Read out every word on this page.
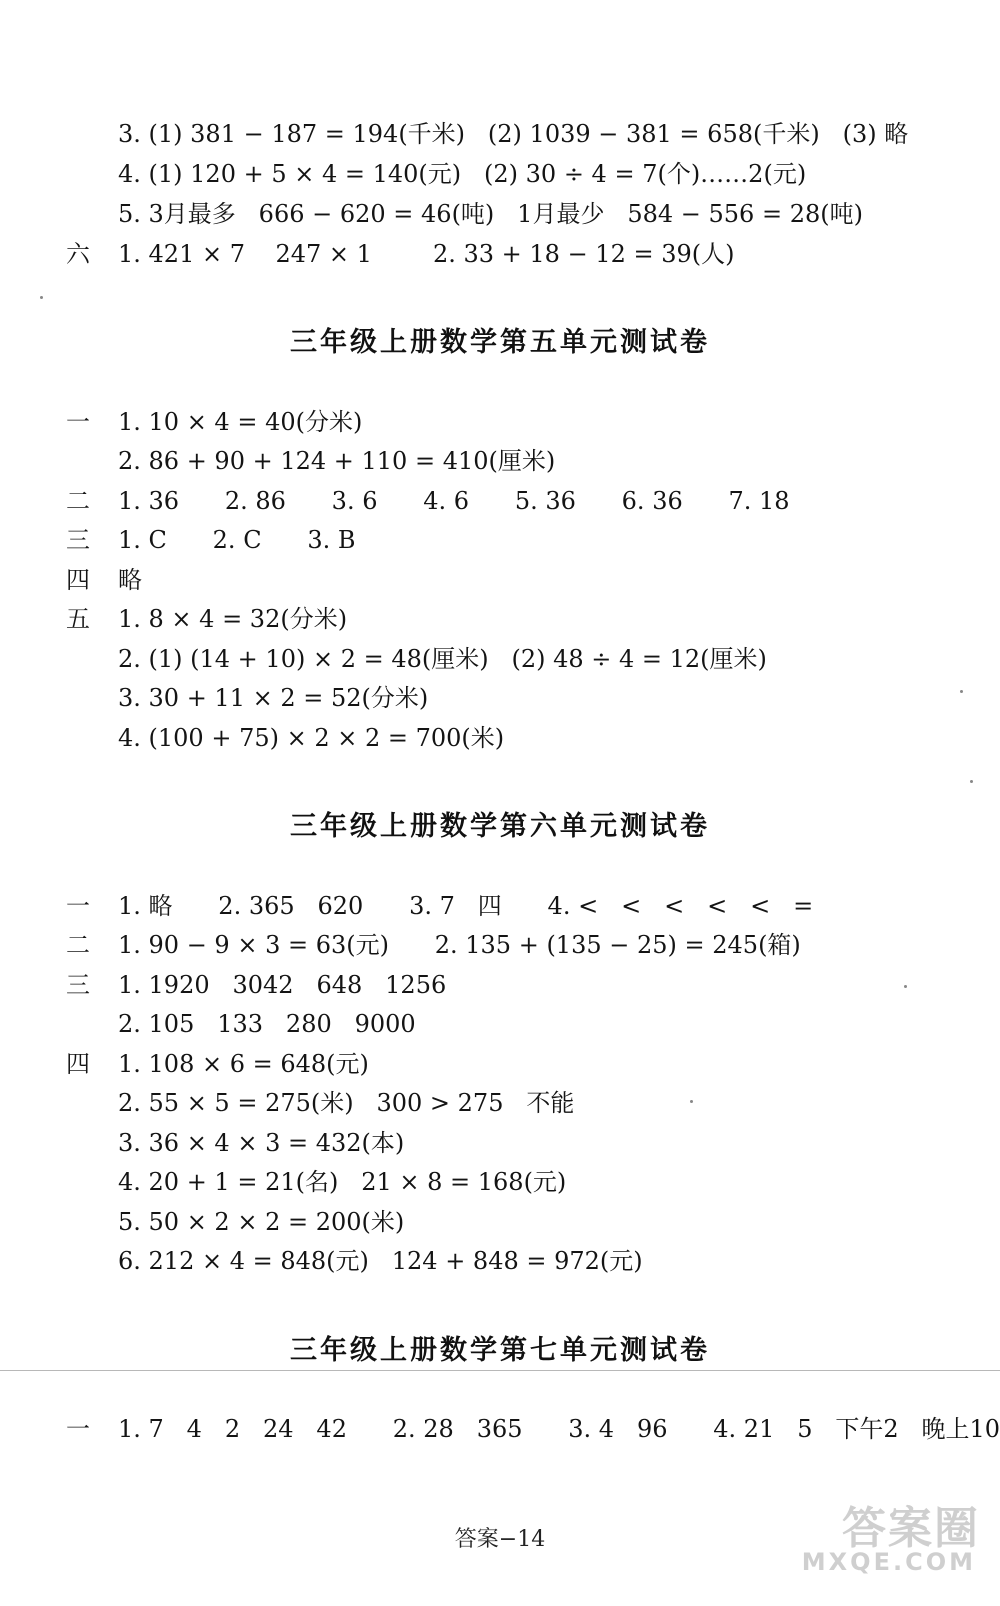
3. (1) 381 − 187 = 194(千米)   (2) 1039 − 381 = 658(千米)   (3) 略
4. (1) 120 + 5 × 4 = 140(元)   (2) 30 ÷ 4 = 7(个)……2(元)
5. 3月最多   666 − 620 = 46(吨)   1月最少   584 − 556 = 28(吨)
六 1. 421 × 7    247 × 1        2. 33 + 18 − 12 = 39(人)
三年级上册数学第五单元测试卷
一 1. 10 × 4 = 40(分米)
2. 86 + 90 + 124 + 110 = 410(厘米)
二 1. 36      2. 86      3. 6      4. 6      5. 36      6. 36      7. 18
三 1. C      2. C      3. B
四 略
五 1. 8 × 4 = 32(分米)
2. (1) (14 + 10) × 2 = 48(厘米)   (2) 48 ÷ 4 = 12(厘米)
3. 30 + 11 × 2 = 52(分米)
4. (100 + 75) × 2 × 2 = 700(米)
三年级上册数学第六单元测试卷
一 1. 略      2. 365   620      3. 7   四      4. <   <   <   <   <   =
二 1. 90 − 9 × 3 = 63(元)      2. 135 + (135 − 25) = 245(箱)
三 1. 1920   3042   648   1256
2. 105   133   280   9000
四 1. 108 × 6 = 648(元)
2. 55 × 5 = 275(米)   300 > 275   不能
3. 36 × 4 × 3 = 432(本)
4. 20 + 1 = 21(名)   21 × 8 = 168(元)
5. 50 × 2 × 2 = 200(米)
6. 212 × 4 = 848(元)   124 + 848 = 972(元)
三年级上册数学第七单元测试卷
一 1. 7   4   2   24   42      2. 28   365      3. 4   96      4. 21   5   下午2   晚上10
答案−14	答案圈
MXQE.COM
